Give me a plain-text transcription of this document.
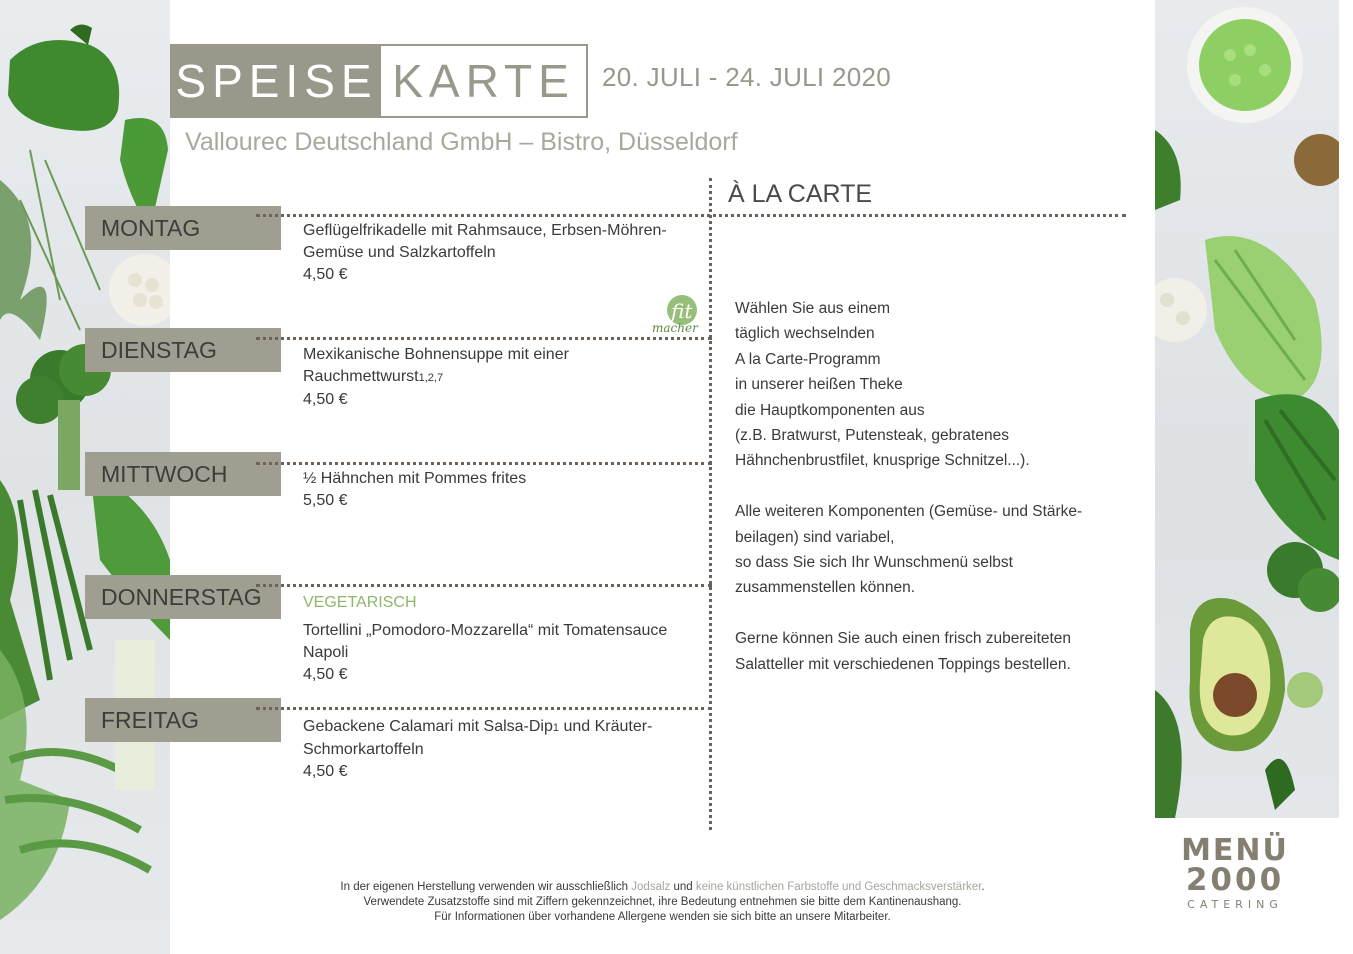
SPEISE KARTE	20. JULI - 24. JULI 2020
Vallourec Deutschland GmbH – Bistro, Düsseldorf
MONTAG	Geflügelfrikadelle mit Rahmsauce, Erbsen-Möhren-
Gemüse und Salzkartoffeln
4,50 €
fit
macher
DIENSTAG	Mexikanische Bohnensuppe mit einer
Rauchmettwurst1,2,7
4,50 €
MITTWOCH	½ Hähnchen mit Pommes frites
5,50 €
DONNERSTAG	VEGETARISCH
Tortellini „Pomodoro-Mozzarella“ mit Tomatensauce
Napoli
4,50 €
FREITAG	Gebackene Calamari mit Salsa-Dip1 und Kräuter-
Schmorkartoffeln
4,50 €
À LA CARTE

Wählen Sie aus einem
täglich wechselnden
A la Carte-Programm
in unserer heißen Theke
die Hauptkomponenten aus
(z.B. Bratwurst, Putensteak, gebratenes
Hähnchenbrustfilet, knusprige Schnitzel...).

Alle weiteren Komponenten (Gemüse- und Stärke-
beilagen) sind variabel,
so dass Sie sich Ihr Wunschmenü selbst
zusammenstellen können.

Gerne können Sie auch einen frisch zubereiteten
Salatteller mit verschiedenen Toppings bestellen.

In der eigenen Herstellung verwenden wir ausschließlich Jodsalz und keine künstlichen Farbstoffe und Geschmacksverstärker.
Verwendete Zusatzstoffe sind mit Ziffern gekennzeichnet, ihre Bedeutung entnehmen sie bitte dem Kantinenaushang.
Für Informationen über vorhandene Allergene wenden sie sich bitte an unsere Mitarbeiter.
MENÜ
2000
CATERING
